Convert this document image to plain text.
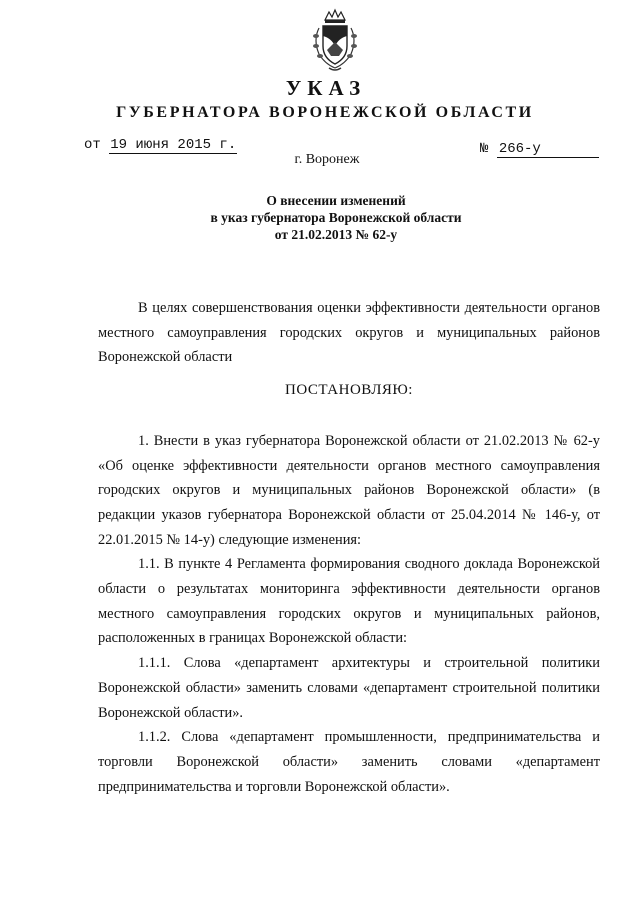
УКАЗ
ГУБЕРНАТОРА ВОРОНЕЖСКОЙ ОБЛАСТИ
от 19 июня 2015 г.	№ 266-у
г. Воронеж
О внесении изменений
в указ губернатора Воронежской области
от 21.02.2013 № 62-у

В целях совершенствования оценки эффективности деятельности органов местного самоуправления городских округов и муниципальных районов Воронежской области

ПОСТАНОВЛЯЮ:

1. Внести в указ губернатора Воронежской области от 21.02.2013 № 62-у «Об оценке эффективности деятельности органов местного самоуправления городских округов и муниципальных районов Воронежской области» (в редакции указов губернатора Воронежской области от 25.04.2014 № 146-у, от 22.01.2015 № 14-у) следующие изменения:

1.1. В пункте 4 Регламента формирования сводного доклада Воронежской области о результатах мониторинга эффективности деятельности органов местного самоуправления городских округов и муниципальных районов, расположенных в границах Воронежской области:

1.1.1. Слова «департамент архитектуры и строительной политики Воронежской области» заменить словами «департамент строительной политики Воронежской области».

1.1.2. Слова «департамент промышленности, предпринимательства и торговли Воронежской области» заменить словами «департамент предпринимательства и торговли Воронежской области».
